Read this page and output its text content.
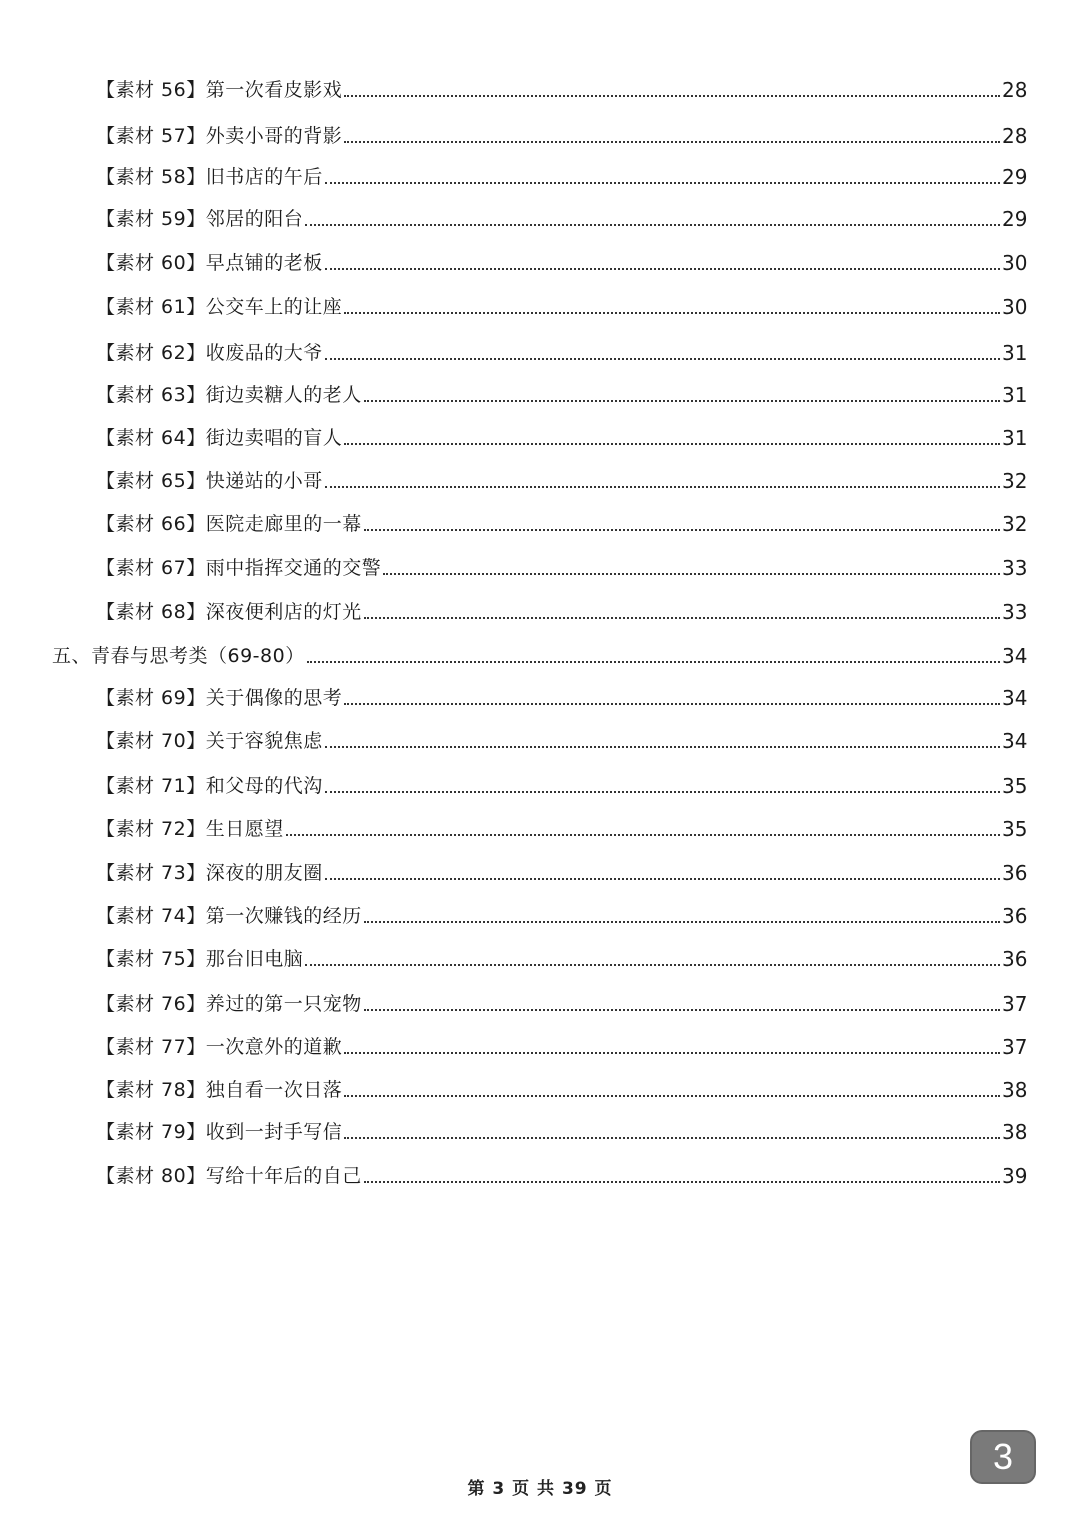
【素材 56】第一次看皮影戏	28
【素材 57】外卖小哥的背影	28
【素材 58】旧书店的午后	29
【素材 59】邻居的阳台	29
【素材 60】早点铺的老板	30
【素材 61】公交车上的让座	30
【素材 62】收废品的大爷	31
【素材 63】街边卖糖人的老人	31
【素材 64】街边卖唱的盲人	31
【素材 65】快递站的小哥	32
【素材 66】医院走廊里的一幕	32
【素材 67】雨中指挥交通的交警	33
【素材 68】深夜便利店的灯光	33
五、青春与思考类（69-80）	34
【素材 69】关于偶像的思考	34
【素材 70】关于容貌焦虑	34
【素材 71】和父母的代沟	35
【素材 72】生日愿望	35
【素材 73】深夜的朋友圈	36
【素材 74】第一次赚钱的经历	36
【素材 75】那台旧电脑	36
【素材 76】养过的第一只宠物	37
【素材 77】一次意外的道歉	37
【素材 78】独自看一次日落	38
【素材 79】收到一封手写信	38
【素材 80】写给十年后的自己	39
3
第 3 页 共 39 页
